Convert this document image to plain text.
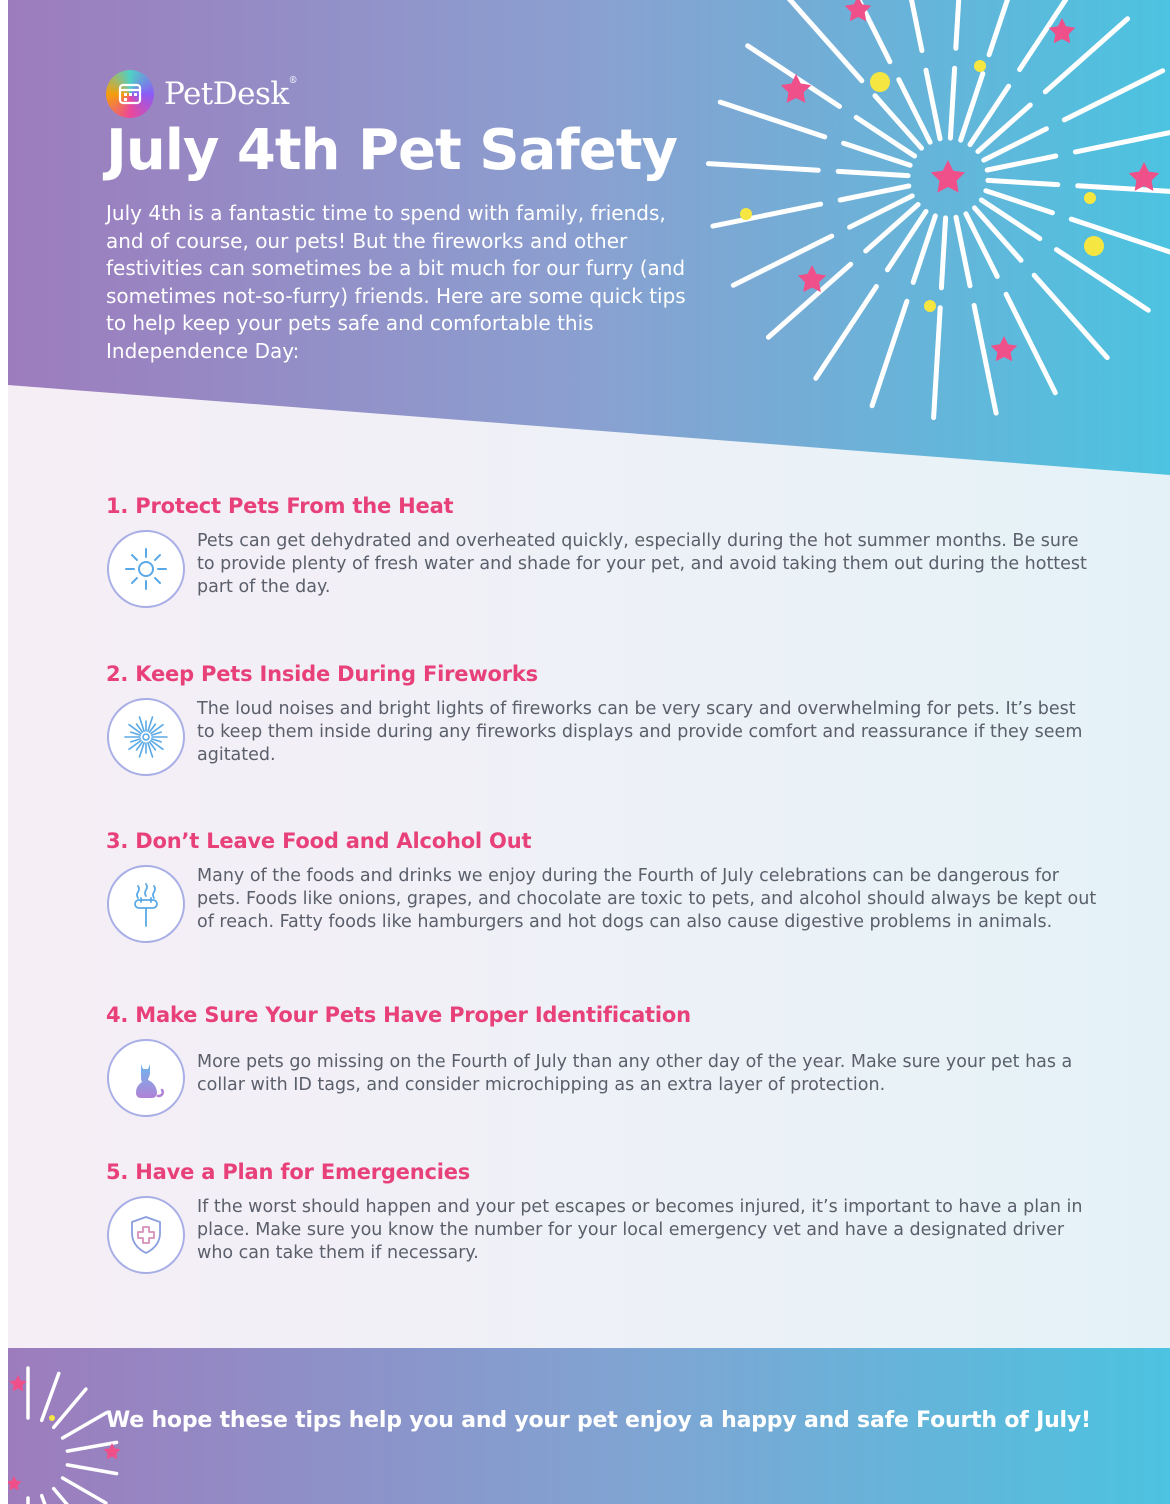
PetDesk®
July 4th Pet Safety
July 4th is a fantastic time to spend with family, friends, and of course, our pets! But the fireworks and other festivities can sometimes be a bit much for our furry (and sometimes not-so-furry) friends. Here are some quick tips to help keep your pets safe and comfortable this Independence Day:
1. Protect Pets From the Heat
Pets can get dehydrated and overheated quickly, especially during the hot summer months. Be sure to provide plenty of fresh water and shade for your pet, and avoid taking them out during the hottest part of the day.
2. Keep Pets Inside During Fireworks
The loud noises and bright lights of fireworks can be very scary and overwhelming for pets. It’s best to keep them inside during any fireworks displays and provide comfort and reassurance if they seem agitated.
3. Don’t Leave Food and Alcohol Out
Many of the foods and drinks we enjoy during the Fourth of July celebrations can be dangerous for pets. Foods like onions, grapes, and chocolate are toxic to pets, and alcohol should always be kept out of reach. Fatty foods like hamburgers and hot dogs can also cause digestive problems in animals.
4. Make Sure Your Pets Have Proper Identification
More pets go missing on the Fourth of July than any other day of the year. Make sure your pet has a collar with ID tags, and consider microchipping as an extra layer of protection.
5. Have a Plan for Emergencies
If the worst should happen and your pet escapes or becomes injured, it’s important to have a plan in place. Make sure you know the number for your local emergency vet and have a designated driver who can take them if necessary.
We hope these tips help you and your pet enjoy a happy and safe Fourth of July!
